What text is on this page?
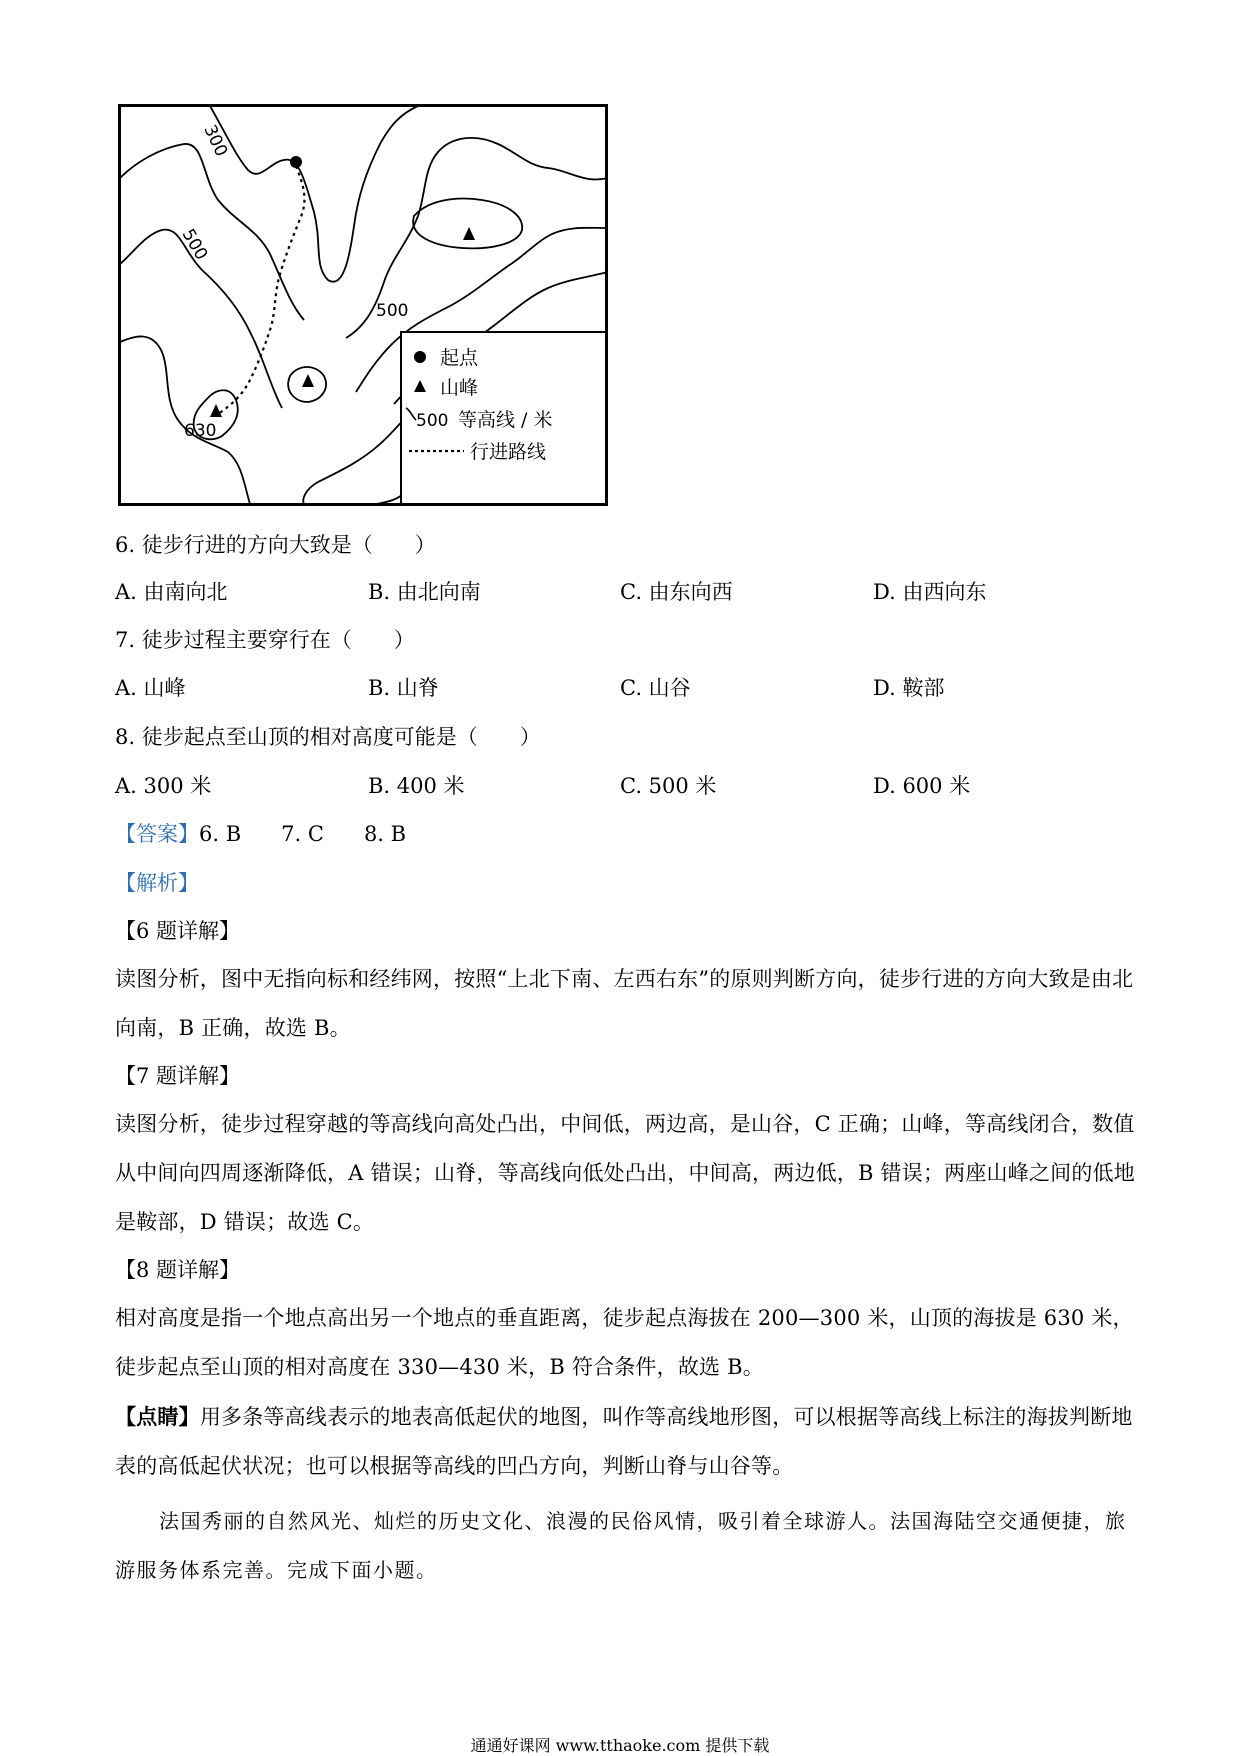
300
500
500
630
起点
山峰
500 等高线 / 米
行进路线
6. 徒步行进的方向大致是（　　）
A. 由南向北	B. 由北向南	C. 由东向西	D. 由西向东
7. 徒步过程主要穿行在（　　）
A. 山峰	B. 山脊	C. 山谷	D. 鞍部
8. 徒步起点至山顶的相对高度可能是（　　）
A. 300 米	B. 400 米	C. 500 米	D. 600 米
【答案】6. B 7. C 8. B
【解析】
【6 题详解】
读图分析，图中无指向标和经纬网，按照“上北下南、左西右东”的原则判断方向，徒步行进的方向大致是由北向南，B 正确，故选 B。
【7 题详解】
读图分析，徒步过程穿越的等高线向高处凸出，中间低，两边高，是山谷，C 正确；山峰，等高线闭合，数值从中间向四周逐渐降低，A 错误；山脊，等高线向低处凸出，中间高，两边低，B 错误；两座山峰之间的低地是鞍部，D 错误；故选 C。
【8 题详解】
相对高度是指一个地点高出另一个地点的垂直距离，徒步起点海拔在 200—300 米，山顶的海拔是 630 米，徒步起点至山顶的相对高度在 330—430 米，B 符合条件，故选 B。
【点睛】用多条等高线表示的地表高低起伏的地图，叫作等高线地形图，可以根据等高线上标注的海拔判断地表的高低起伏状况；也可以根据等高线的凹凸方向，判断山脊与山谷等。
法国秀丽的自然风光、灿烂的历史文化、浪漫的民俗风情，吸引着全球游人。法国海陆空交通便捷，旅游服务体系完善。完成下面小题。
通通好课网 www.tthaoke.com 提供下载
